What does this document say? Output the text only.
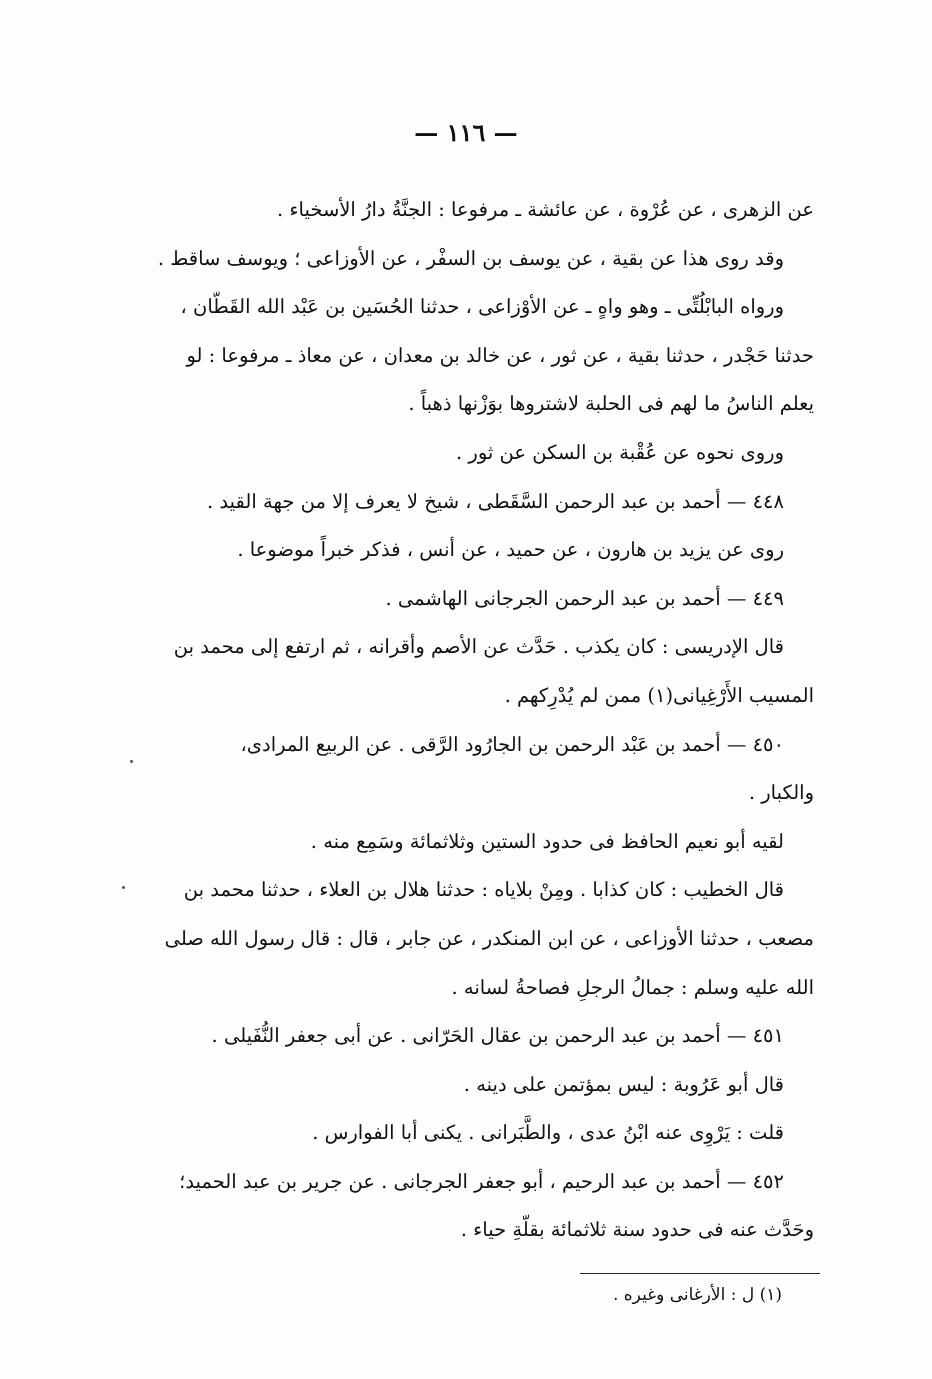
— ١١٦ —
عن الزهرى ، عن عُرْوة ، عن عائشة ـ مرفوعا : الجنَّةُ دارُ الأسخياء .
وقد روى هذا عن بقية ، عن يوسف بن السفْر ، عن الأوزاعى ؛ ويوسف ساقط .
ورواه البابْلُتِّى ـ وهو واهٍ ـ عن الأوْزاعى ، حدثنا الحُسَين بن عَبْد الله القَطّان ،
حدثنا حَجْدر ، حدثنا بقية ، عن ثور ، عن خالد بن معدان ، عن معاذ ـ مرفوعا : لو
يعلم الناسُ ما لهم فى الحلبة لاشتروها بوَزْنها ذهباً .
وروى نحوه عن عُقْبة بن السكن عن ثور .
٤٤٨ — أحمد بن عبد الرحمن السَّقَطى ، شيخ لا يعرف إلا من جهة القيد .
روى عن يزيد بن هارون ، عن حميد ، عن أنس ، فذكر خبراً موضوعا .
٤٤٩ — أحمد بن عبد الرحمن الجرجانى الهاشمى .
قال الإدريسى : كان يكذب . حَدَّث عن الأصم وأقرانه ، ثم ارتفع إلى محمد بن
المسيب الأَرْغِيانى(١) ممن لم يُدْرِكهم .
٤٥٠ — أحمد بن عَبْد الرحمن بن الجارُود الرَّقى . عن الربيع المرادى،
والكبار .
لقيه أبو نعيم الحافظ فى حدود الستين وثلاثمائة وسَمِع منه .
قال الخطيب : كان كذابا . ومِنْ بلاياه : حدثنا هلال بن العلاء ، حدثنا محمد بن
مصعب ، حدثنا الأوزاعى ، عن ابن المنكدر ، عن جابر ، قال : قال رسول الله صلى
الله عليه وسلم : جمالُ الرجلِ فصاحةُ لسانه .
٤٥١ — أحمد بن عبد الرحمن بن عقال الحَرّانى . عن أبى جعفر النُّفَيلى .
قال أبو عَرُوبة : ليس بمؤتمن على دينه .
قلت : يَرْوِى عنه ابْنُ عدى ، والطَّبَرانى . يكنى أبا الفوارس .
٤٥٢ — أحمد بن عبد الرحيم ، أبو جعفر الجرجانى . عن جرير بن عبد الحميد؛
وحَدَّث عنه فى حدود سنة ثلاثمائة بقلّةِ حياء .
(١) ل : الأرغانى وغيره .
